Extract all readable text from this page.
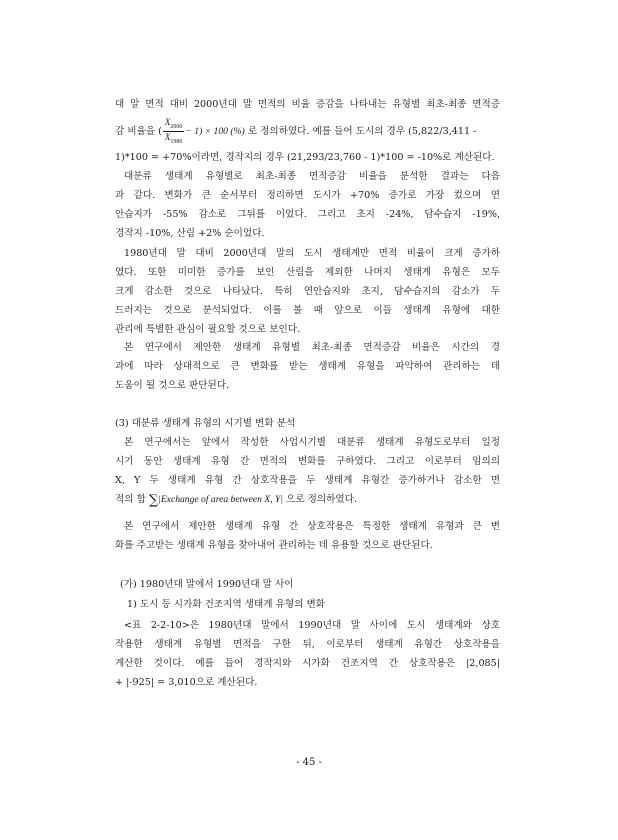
대 말 면적 대비 2000년대 말 면적의 비율 증감을 나타내는 유형별 최초-최종 면적증
감 비율을 ( $\frac{X_{2000}}{X_{1980}} - 1) \times 100$ (%) 로 정의하였다. 예를 들어 도시의 경우 (5,822/3,411 -
1)*100 = +70%이라면, 경작지의 경우 (21,293/23,760 - 1)*100 = -10%로 계산된다.
대분류 생태계 유형별로 최초-최종 면적증감 비율을 분석한 결과는 다음
과 같다. 변화가 큰 순서부터 정리하면 도시가 +70% 증가로 가장 컸으며 연
안습지가 -55% 감소로 그뒤를 이었다. 그리고 초지 -24%, 담수습지 -19%,
경작지 -10%, 산림 +2% 순이었다.
1980년대 말 대비 2000년대 말의 도시 생태계만 면적 비율이 크게 증가하
였다. 또한 미미한 증가를 보인 산림을 제외한 나머지 생태계 유형은 모두
크게 감소한 것으로 나타났다. 특히 연안습지와 초지, 담수습지의 감소가 두
드러지는 것으로 분석되었다. 이를 볼 때 앞으로 이들 생태계 유형에 대한
관리에 특별한 관심이 필요할 것으로 보인다.
본 연구에서 제안한 생태계 유형별 최초-최종 면적증감 비율은 시간의 경
과에 따라 상대적으로 큰 변화를 받는 생태계 유형을 파악하여 관리하는 데
도움이 될 것으로 판단된다.
(3) 대분류 생태계 유형의 시기별 변화 분석
본 연구에서는 앞에서 작성한 사업시기별 대분류 생태계 유형도로부터 일정
시기 동안 생태계 유형 간 면적의 변화를 구하였다. 그리고 이로부터 임의의
X, Y 두 생태계 유형 간 상호작용을 두 생태계 유형간 증가하거나 감소한 면
적의 합 ∑|Exchange of area between X, Y| 으로 정의하였다.
본 연구에서 제안한 생태계 유형 간 상호작용은 특정한 생태계 유형과 큰 변
화를 주고받는 생태계 유형을 찾아내어 관리하는 데 유용할 것으로 판단된다.
(가) 1980년대 말에서 1990년대 말 사이
1) 도시 등 시가화 건조지역 생태계 유형의 변화
<표 2-2-10>은 1980년대 말에서 1990년대 말 사이에 도시 생태계와 상호
작용한 생태계 유형별 면적을 구한 뒤, 이로부터 생태계 유형간 상호작용을
계산한 것이다. 예를 들어 경작지와 시가화 건조지역 간 상호작용은 |2,085|
+ |-925| = 3,010으로 계산된다.
- 45 -
